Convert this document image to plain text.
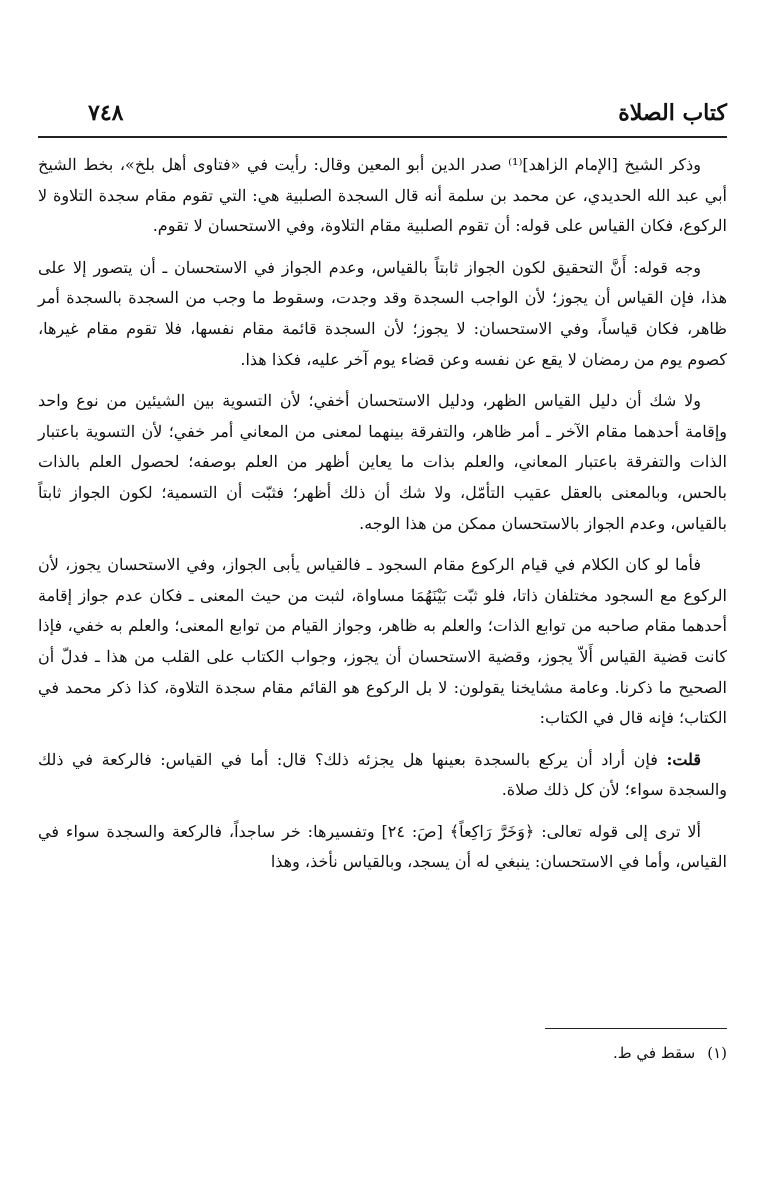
٧٤٨	كتاب الصلاة

وذكر الشيخ [الإمام الزاهد]⁽¹⁾ صدر الدين أبو المعين وقال: رأيت في «فتاوى أهل بلخ»، بخط الشيخ أبي عبد الله الحديدي، عن محمد بن سلمة أنه قال السجدة الصلبية هي: التي تقوم مقام سجدة التلاوة لا الركوع، فكان القياس على قوله: أن تقوم الصلبية مقام التلاوة، وفي الاستحسان لا تقوم.

وجه قوله: أَنَّ التحقيق لكون الجواز ثابتاً بالقياس، وعدم الجواز في الاستحسان ـ أن يتصور إلا على هذا، فإن القياس أن يجوز؛ لأن الواجب السجدة وقد وجدت، وسقوط ما وجب من السجدة بالسجدة أمر ظاهر، فكان قياساً، وفي الاستحسان: لا يجوز؛ لأن السجدة قائمة مقام نفسها، فلا تقوم مقام غيرها، كصوم يوم من رمضان لا يقع عن نفسه وعن قضاء يوم آخر عليه، فكذا هذا.

ولا شك أن دليل القياس الظهر، ودليل الاستحسان أخفي؛ لأن التسوية بين الشيئين من نوع واحد وإقامة أحدهما مقام الآخر ـ أمر ظاهر، والتفرقة بينهما لمعنى من المعاني أمر خفي؛ لأن التسوية باعتبار الذات والتفرقة باعتبار المعاني، والعلم بذات ما يعاين أظهر من العلم بوصفه؛ لحصول العلم بالذات بالحس، وبالمعنى بالعقل عقيب التأمّل، ولا شك أن ذلك أظهر؛ فثبّت أن التسمية؛ لكون الجواز ثابتاً بالقياس، وعدم الجواز بالاستحسان ممكن من هذا الوجه.

فأما لو كان الكلام في قيام الركوع مقام السجود ـ فالقياس يأبى الجواز، وفي الاستحسان يجوز، لأن الركوع مع السجود مختلفان ذاتا، فلو ثبّت بَيْنَهُمَا مساواة، لثبت من حيث المعنى ـ فكان عدم جواز إقامة أحدهما مقام صاحبه من توابع الذات؛ والعلم به ظاهر، وجواز القيام من توابع المعنى؛ والعلم به خفي، فإذا كانت قضية القياس أَلاّ يجوز، وقضية الاستحسان أن يجوز، وجواب الكتاب على القلب من هذا ـ فدلّ أن الصحيح ما ذكرنا. وعامة مشايخنا يقولون: لا بل الركوع هو القائم مقام سجدة التلاوة، كذا ذكر محمد في الكتاب؛ فإنه قال في الكتاب:

قلت: فإن أراد أن يركع بالسجدة بعينها هل يجزئه ذلك؟ قال: أما في القياس: فالركعة في ذلك والسجدة سواء؛ لأن كل ذلك صلاة.

ألا ترى إلى قوله تعالى: ﴿وَخَرَّ رَاكِعاً﴾ [صَ: ٢٤] وتفسيرها: خر ساجداً، فالركعة والسجدة سواء في القياس، وأما في الاستحسان: ينبغي له أن يسجد، وبالقياس نأخذ، وهذا

(١)سقط في ط.
